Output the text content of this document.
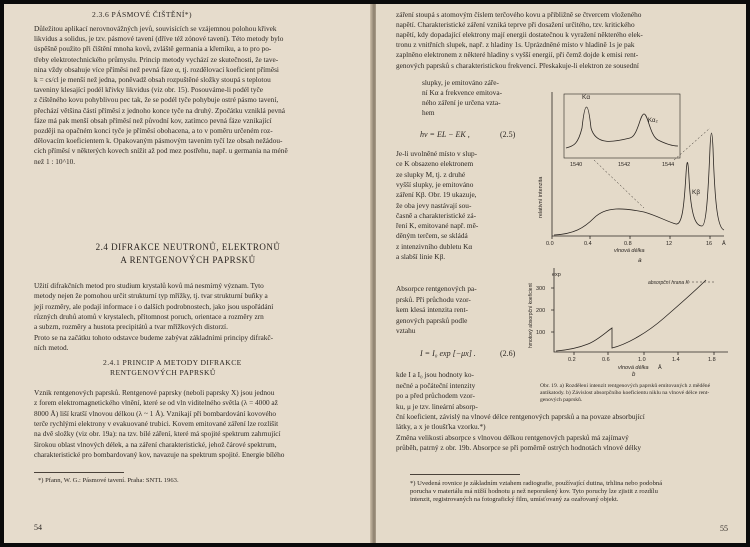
2.3.6 PÁSMOVÉ ČIŠTĚNÍ*)
Důležitou aplikací nerovnovážných jevů, souvisících se vzájemnou polohou křivek
likvidus a solidus, je tzv. pásmové tavení (dříve též zónové tavení). Této metody bylo
úspěšně použito při čištění mnoha kovů, zvláště germania a křemíku, a to pro po-
třeby elektrotechnického průmyslu. Princip metody vychází ze skutečnosti, že tave-
nina vždy obsahuje více příměsi než pevná fáze α, tj. rozdělovací koeficient příměsi
k = cs/cl je menší než jedna, poněvadž obsah rozpuštěné složky stoupá s teplotou
taveniny klesající podél křivky likvidus (viz obr. 15). Posouváme-li podél tyče
z čištěného kovu pohyblivou pec tak, že se podél tyče pohybuje ostré pásmo tavení,
přechází většina částí příměsí z jednoho konce tyče na druhý. Zpočátku vzniklá pevná
fáze má pak menší obsah příměsí než původní kov, zatímco pevná fáze vznikající
později na opačném konci tyče je příměsí obohacena, a to v poměru určeném roz-
dělovacím koeficientem k. Opakovaným pásmovým tavením tyčí lze obsah nežádou-
cích příměsí v některých kovech snížit až pod mez postřehu, např. u germania na méně
než 1 : 10^10.
2.4 DIFRAKCE NEUTRONŮ, ELEKTRONŮ
A RENTGENOVÝCH PAPRSKŮ
Užití difrakčních metod pro studium krystalů kovů má nesmírný význam. Tyto
metody nejen že pomohou určit strukturní typ mřížky, tj. tvar strukturní buňky a
její rozměry, ale podají informace i o dalších podrobnostech, jako jsou uspořádání
různých druhů atomů v krystalech, přítomnost poruch, orientace a rozměry zrn
a subzrn, rozměry a hustota precipitátů a tvar mřížkových distorzí.
Proto se na začátku tohoto odstavce budeme zabývat základními principy difrakč-
ních metod.
2.4.1 PRINCIP A METODY DIFRAKCE
RENTGENOVÝCH PAPRSKŮ
Vznik rentgenových paprsků. Rentgenové paprsky (neboli paprsky X) jsou jednou
z forem elektromagnetického vlnění, které se od vln viditelného světla (λ = 4000 až
8000 Å) liší kratší vlnovou délkou (λ ~ 1 Å). Vznikají při bombardování kovového
terče rychlými elektrony v evakuované trubici. Kovem emitované záření lze rozlišit
na dvě složky (viz obr. 19a): na tzv. bílé záření, které má spojité spektrum zahrnující
širokou oblast vlnových délek, a na záření charakteristické, jehož čárové spektrum,
charakteristické pro bombardovaný kov, navazuje na spektrum spojité. Energie bílého
*) Pfann, W. G.: Pásmové tavení. Praha: SNTL 1963.
54
záření stoupá s atomovým číslem terčového kovu a přibližně se čtvercem vloženého
napětí. Charakteristické záření vzniká teprve při dosažení určitého, tzv. kritického
napětí, kdy dopadající elektrony mají energii dostatečnou k vyražení některého elek-
tronu z vnitřních slupek, např. z hladiny 1s. Uprázdněné místo v hladině 1s je pak
zaplněno elektronem z některé hladiny s vyšší energií, při čemž dojde k emisi rent-
genových paprsků s charakteristickou frekvencí. Přeskakuje-li elektron ze sousední
slupky, je emitováno záře-
ní Kα a frekvence emitova-
ného záření je určena vzta-
hem
hν = EL − EK ,	(2.5)
Je-li uvolněné místo v slup-
ce K obsazeno elektronem
ze slupky M, tj. z druhé
vyšší slupky, je emitováno
záření Kβ. Obr. 19 ukazuje,
že oba jevy nastávají sou-
časně a charakteristické zá-
ření K, emitované např. mě-
děným terčem, se skládá
z intenzivního dubletu Kα
a slabší linie Kβ.
Absorpce rentgenových pa-
prsků. Při průchodu vzor-
kem klesá intenzita rent-
genových paprsků podle
vztahu
I = I₀ exp [−μx] .	(2.6)
kde I a I₀ jsou hodnoty ko-
nečné a počáteční intenzity
po a před průchodem vzor-
ku, μ je tzv. lineární absorp-
Obr. 19. a) Rozdělení intenzit rentgenových paprsků emitovaných z měděné
antikatody. b) Závislost absorpčního koeficientu niklu na vlnové délce rent-
genových paprsků.
ční koeficient, závislý na vlnové délce rentgenových paprsků a na povaze absorbující
látky, a x je tloušťka vzorku.*)
Změna velikosti absorpce s vlnovou délkou rentgenových paprsků má zajímavý
průběh, patrný z obr. 19b. Absorpce se při poměrně ostrých hodnotách vlnové délky
*) Uvedená rovnice je základním vztahem radiografie, používající dutina, trhlina nebo podobná
porucha v materiálu má nižší hodnotu μ než neporušený kov. Tyto poruchy lze zjistit z rozdílu
intenzit, registrovaných na fotografický film, umísťovaný za ozařovaný objekt.
55
Kα
Kα₂
Kβ
1540	1542	1544
relativní intenzita
0.0	0.4	0.8	12	16 Å
vlnová délka
a
exp
300
200
100
hmotový absorpční koeficient
absorpční hrana K
0.2	0.6	1.0	1.4	1.8
vlnová délka Å
b
